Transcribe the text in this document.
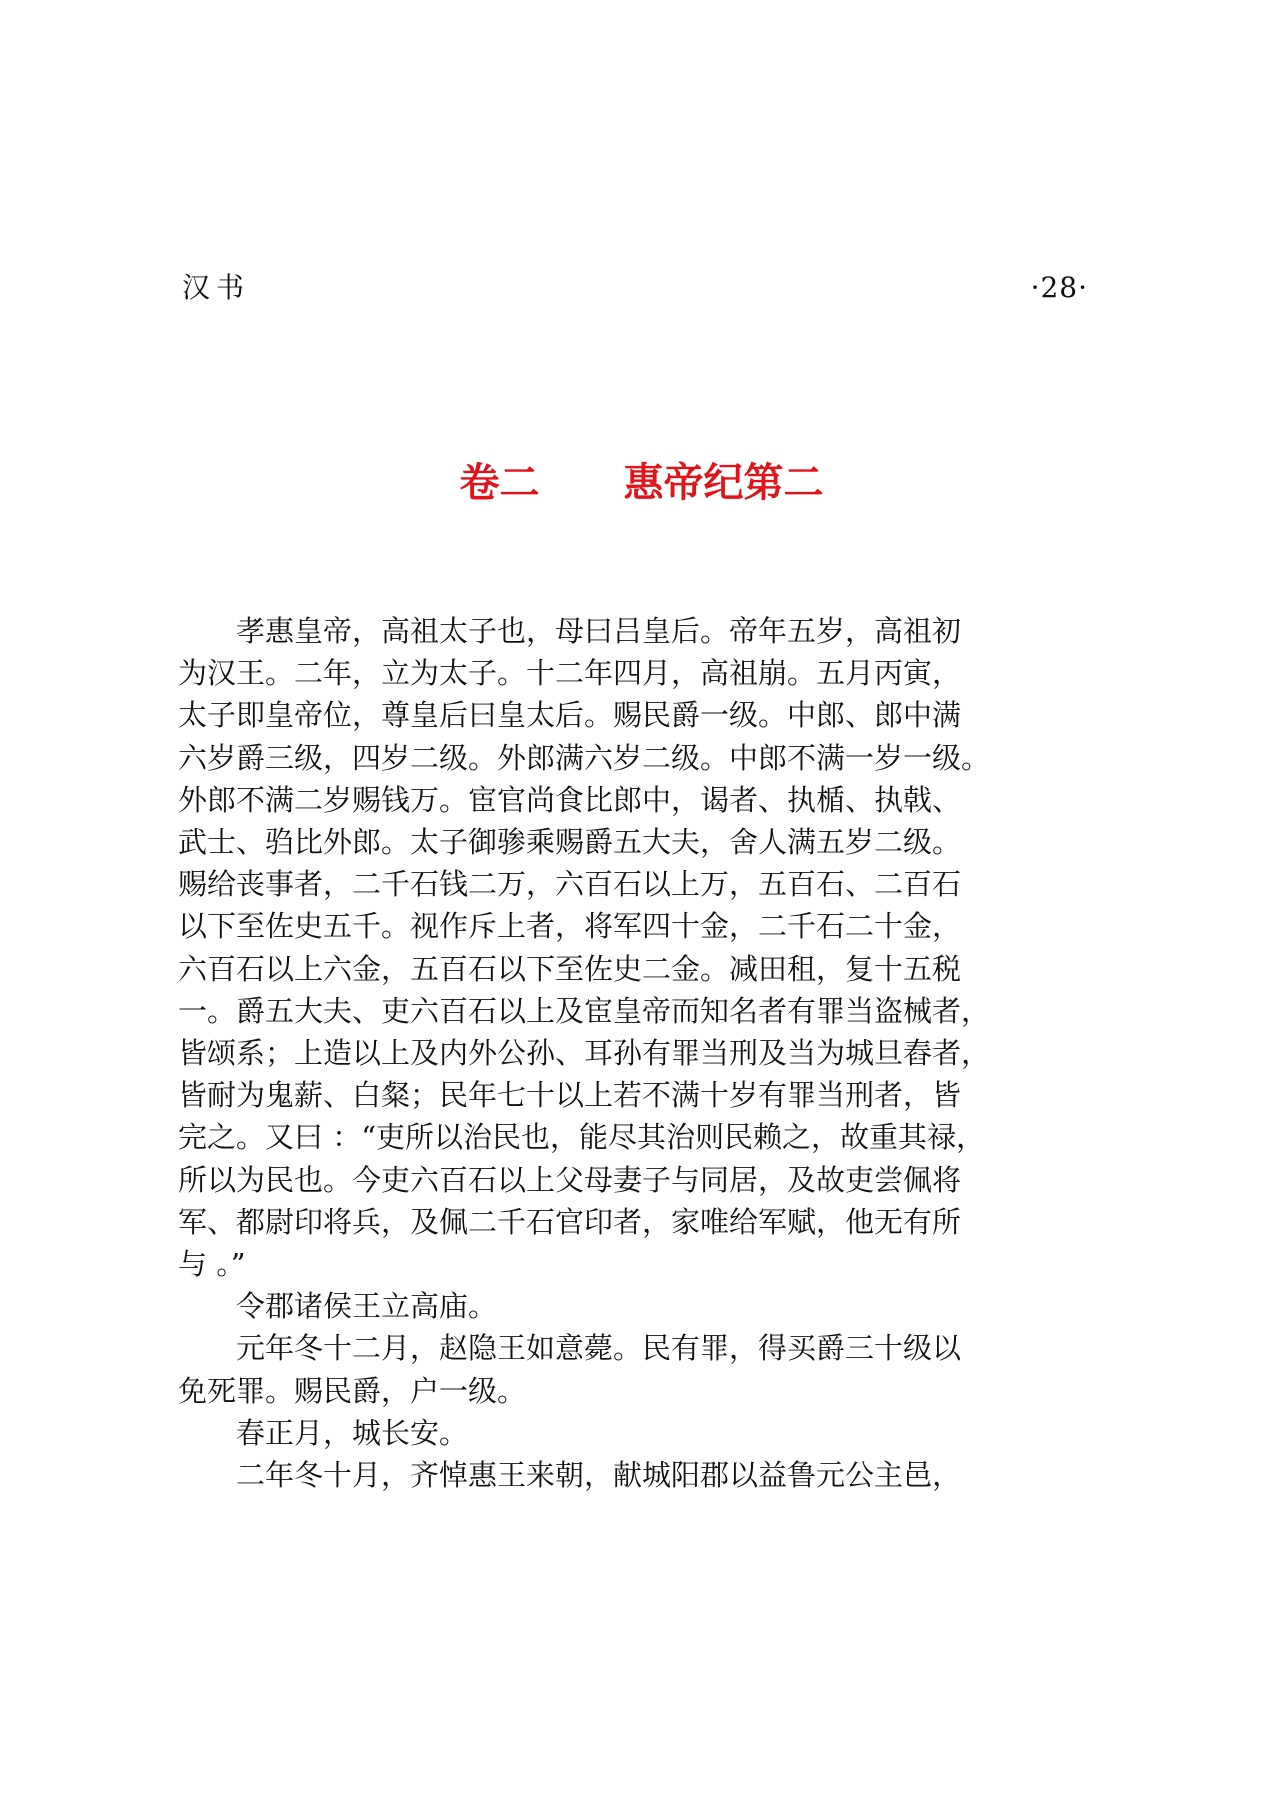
汉书	·28·
卷二 惠帝纪第二

　　孝惠皇帝，高祖太子也，母曰吕皇后。帝年五岁，高祖初
为汉王。二年，立为太子。十二年四月，高祖崩。五月丙寅，
太子即皇帝位，尊皇后曰皇太后。赐民爵一级。中郎、郎中满
六岁爵三级，四岁二级。外郎满六岁二级。中郎不满一岁一级。
外郎不满二岁赐钱万。宦官尚食比郎中，谒者、执楯、执戟、
武士、驺比外郎。太子御骖乘赐爵五大夫，舍人满五岁二级。
赐给丧事者，二千石钱二万，六百石以上万，五百石、二百石
以下至佐史五千。视作斥上者，将军四十金，二千石二十金，
六百石以上六金，五百石以下至佐史二金。减田租，复十五税
一。爵五大夫、吏六百石以上及宦皇帝而知名者有罪当盗械者，
皆颂系；上造以上及内外公孙、耳孙有罪当刑及当为城旦舂者，
皆耐为鬼薪、白粲；民年七十以上若不满十岁有罪当刑者，皆
完之。又曰 ：“吏所以治民也，能尽其治则民赖之，故重其禄，
所以为民也。今吏六百石以上父母妻子与同居，及故吏尝佩将
军、都尉印将兵，及佩二千石官印者，家唯给军赋，他无有所
与 。”

　　令郡诸侯王立高庙。

　　元年冬十二月，赵隐王如意薨。民有罪，得买爵三十级以
免死罪。赐民爵，户一级。

　　春正月，城长安。

　　二年冬十月，齐悼惠王来朝，献城阳郡以益鲁元公主邑，
